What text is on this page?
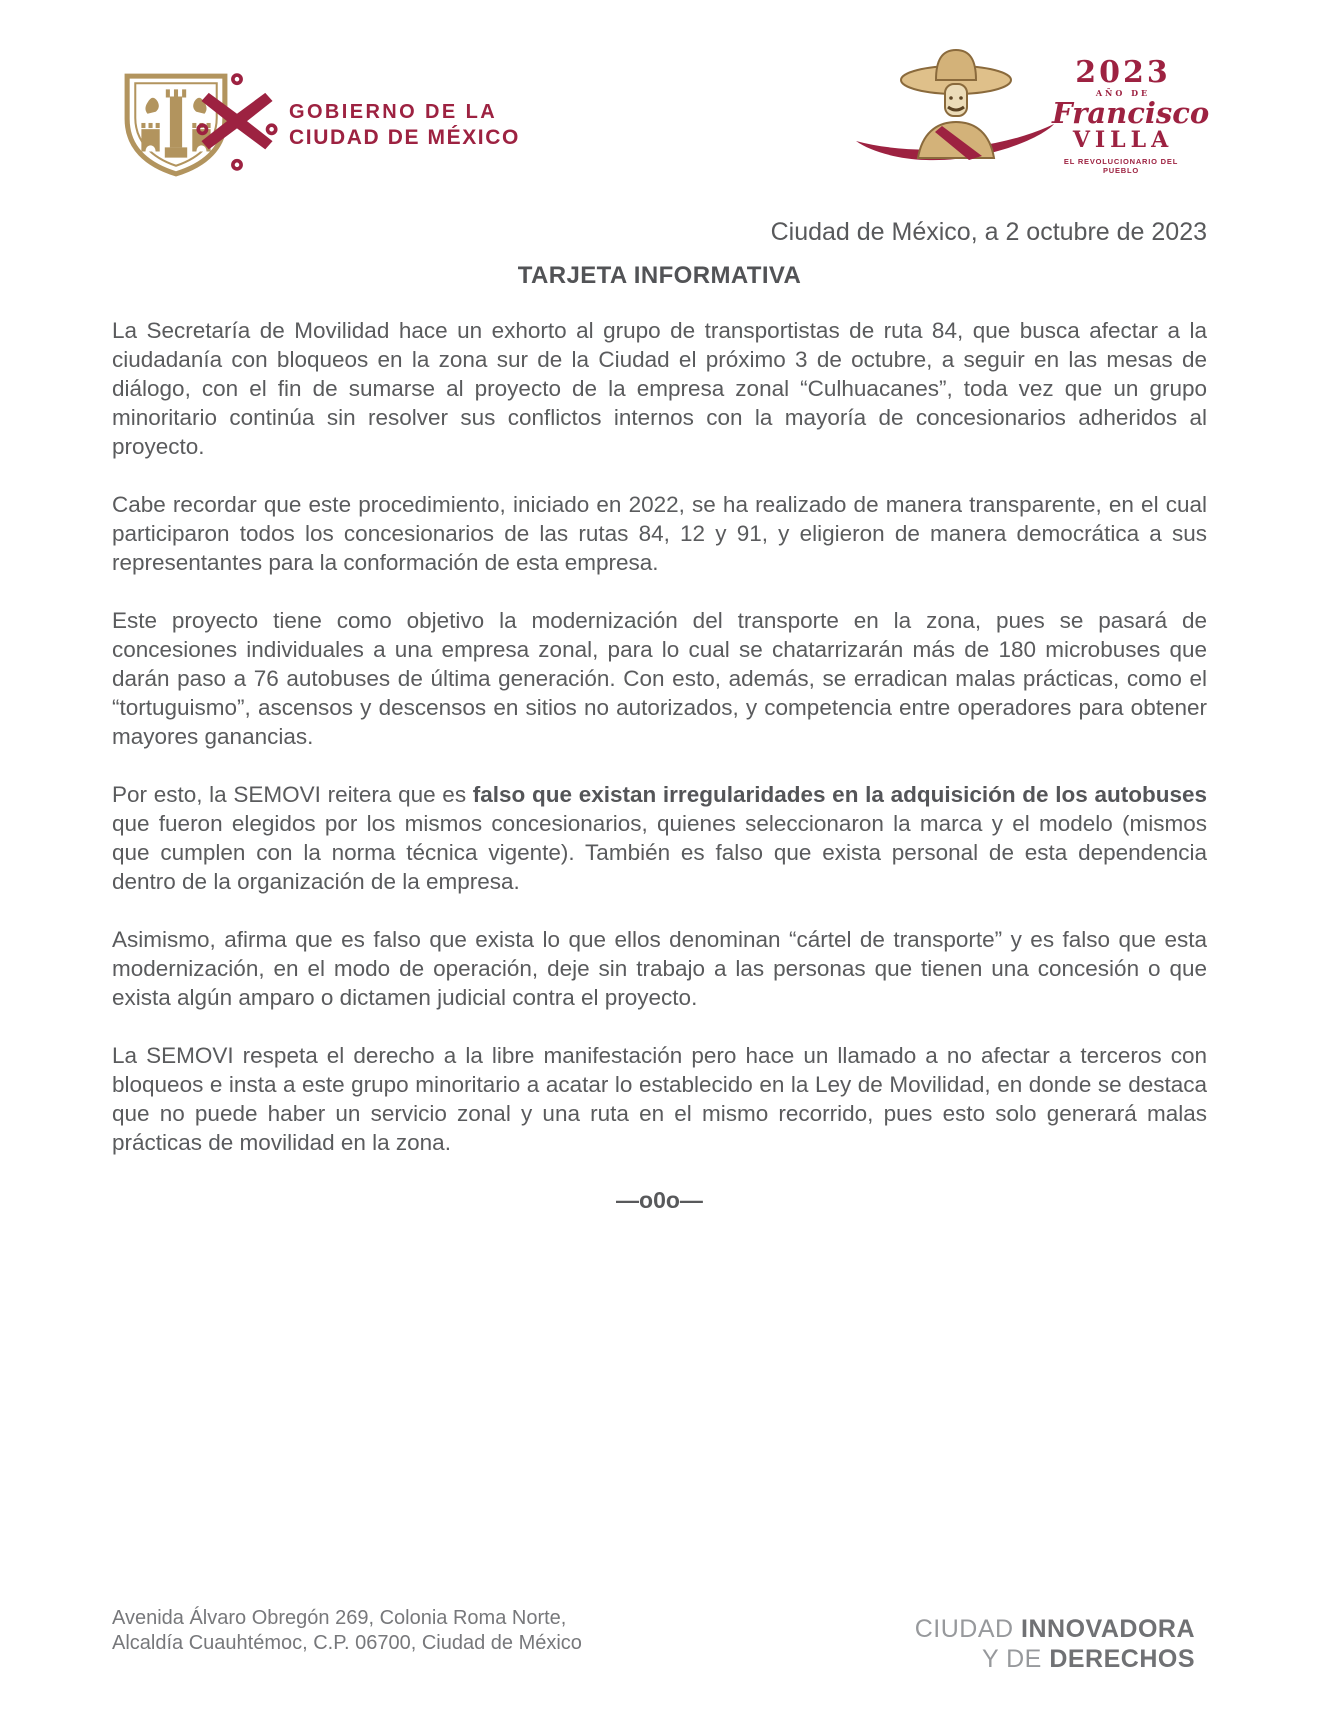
GOBIERNO DE LA
CIUDAD DE MÉXICO
2023
AÑO DE
Francisco
VILLA
EL REVOLUCIONARIO DEL PUEBLO
Ciudad de México, a 2 octubre de 2023
TARJETA INFORMATIVA

La Secretaría de Movilidad hace un exhorto al grupo de transportistas de ruta 84, que busca afectar a la ciudadanía con bloqueos en la zona sur de la Ciudad el próximo 3 de octubre, a seguir en las mesas de diálogo, con el fin de sumarse al proyecto de la empresa zonal “Culhuacanes”, toda vez que un grupo minoritario continúa sin resolver sus conflictos internos con la mayoría de concesionarios adheridos al proyecto.

Cabe recordar que este procedimiento, iniciado en 2022, se ha realizado de manera transparente, en el cual participaron todos los concesionarios de las rutas 84, 12 y 91, y eligieron de manera democrática a sus representantes para la conformación de esta empresa.

Este proyecto tiene como objetivo la modernización del transporte en la zona, pues se pasará de concesiones individuales a una empresa zonal, para lo cual se chatarrizarán más de 180 microbuses que darán paso a 76 autobuses de última generación. Con esto, además, se erradican malas prácticas, como el “tortuguismo”, ascensos y descensos en sitios no autorizados, y competencia entre operadores para obtener mayores ganancias.

Por esto, la SEMOVI reitera que es falso que existan irregularidades en la adquisición de los autobuses que fueron elegidos por los mismos concesionarios, quienes seleccionaron la marca y el modelo (mismos que cumplen con la norma técnica vigente). También es falso que exista personal de esta dependencia dentro de la organización de la empresa.

Asimismo, afirma que es falso que exista lo que ellos denominan “cártel de transporte” y es falso que esta modernización, en el modo de operación, deje sin trabajo a las personas que tienen una concesión o que exista algún amparo o dictamen judicial contra el proyecto.

La SEMOVI respeta el derecho a la libre manifestación pero hace un llamado a no afectar a terceros con bloqueos e insta a este grupo minoritario a acatar lo establecido en la Ley de Movilidad, en donde se destaca que no puede haber un servicio zonal y una ruta en el mismo recorrido, pues esto solo generará malas prácticas de movilidad en la zona.

—o0o—
Avenida Álvaro Obregón 269, Colonia Roma Norte,
Alcaldía Cuauhtémoc, C.P. 06700, Ciudad de México	CIUDAD INNOVADORA
Y DE DERECHOS
